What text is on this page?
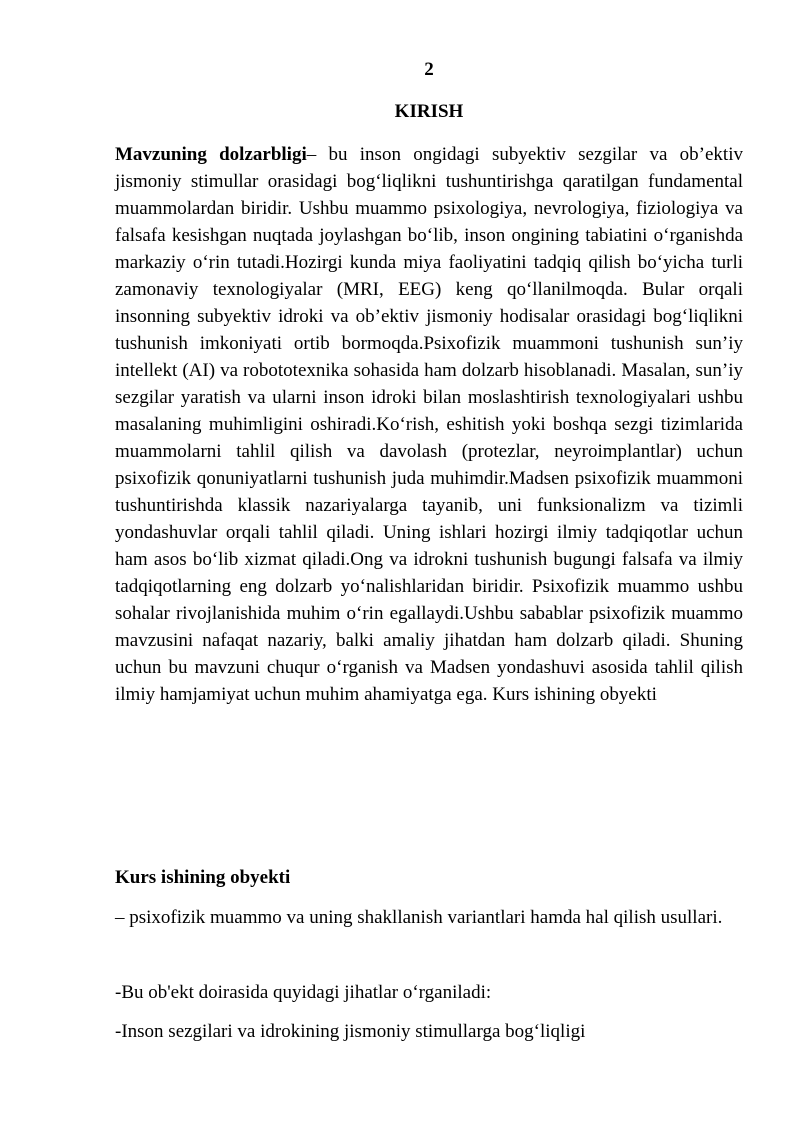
2
KIRISH

Mavzuning dolzarbligi– bu inson ongidagi subyektiv sezgilar va ob’ektiv jismoniy stimullar orasidagi bog‘liqlikni tushuntirishga qaratilgan fundamental muammolardan biridir. Ushbu muammo psixologiya, nevrologiya, fiziologiya va falsafa kesishgan nuqtada joylashgan bo‘lib, inson ongining tabiatini o‘rganishda markaziy o‘rin tutadi.Hozirgi kunda miya faoliyatini tadqiq qilish bo‘yicha turli zamonaviy texnologiyalar (MRI, EEG) keng qo‘llanilmoqda. Bular orqali insonning subyektiv idroki va ob’ektiv jismoniy hodisalar orasidagi bog‘liqlikni tushunish imkoniyati ortib bormoqda.Psixofizik muammoni tushunish sun’iy intellekt (AI) va robototexnika sohasida ham dolzarb hisoblanadi. Masalan, sun’iy sezgilar yaratish va ularni inson idroki bilan moslashtirish texnologiyalari ushbu masalaning muhimligini oshiradi.Ko‘rish, eshitish yoki boshqa sezgi tizimlarida muammolarni tahlil qilish va davolash (protezlar, neyroimplantlar) uchun psixofizik qonuniyatlarni tushunish juda muhimdir.Madsen psixofizik muammoni tushuntirishda klassik nazariyalarga tayanib, uni funksionalizm va tizimli yondashuvlar orqali tahlil qiladi. Uning ishlari hozirgi ilmiy tadqiqotlar uchun ham asos bo‘lib xizmat qiladi.Ong va idrokni tushunish bugungi falsafa va ilmiy tadqiqotlarning eng dolzarb yo‘nalishlaridan biridir. Psixofizik muammo ushbu sohalar rivojlanishida muhim o‘rin egallaydi.Ushbu sabablar psixofizik muammo mavzusini nafaqat nazariy, balki amaliy jihatdan ham dolzarb qiladi. Shuning uchun bu mavzuni chuqur o‘rganish va Madsen yondashuvi asosida tahlil qilish ilmiy hamjamiyat uchun muhim ahamiyatga ega. Kurs ishining obyekti

Kurs ishining obyekti

– psixofizik muammo va uning shakllanish variantlari hamda hal qilish usullari.

-Bu ob'ekt doirasida quyidagi jihatlar o‘rganiladi:

-Inson sezgilari va idrokining jismoniy stimullarga bog‘liqligi
